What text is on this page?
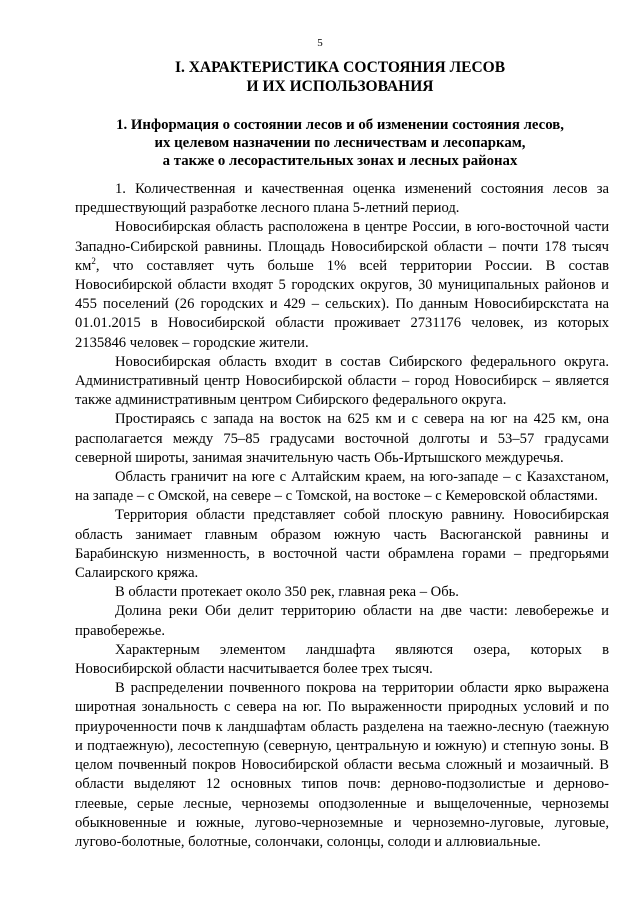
5
I. ХАРАКТЕРИСТИКА СОСТОЯНИЯ ЛЕСОВ
И ИХ ИСПОЛЬЗОВАНИЯ
1. Информация о состоянии лесов и об изменении состояния лесов,
их целевом назначении по лесничествам и лесопаркам,
а также о лесорастительных зонах и лесных районах

1. Количественная и качественная оценка изменений состояния лесов за предшествующий разработке лесного плана 5-летний период.

Новосибирская область расположена в центре России, в юго-восточной части Западно-Сибирской равнины. Площадь Новосибирской области – почти 178 тысяч $км^2$, что составляет чуть больше 1% всей территории России. В состав Новосибирской области входят 5 городских округов, 30 муниципальных районов и 455 поселений (26 городских и 429 – сельских). По данным Новосибирскстата на 01.01.2015 в Новосибирской области проживает 2731176 человек, из которых 2135846 человек – городские жители.

Новосибирская область входит в состав Сибирского федерального округа. Административный центр Новосибирской области – город Новосибирск – является также административным центром Сибирского федерального округа.

Простираясь с запада на восток на 625 км и с севера на юг на 425 км, она располагается между 75–85 градусами восточной долготы и 53–57 градусами северной широты, занимая значительную часть Обь-Иртышского междуречья.

Область граничит на юге с Алтайским краем, на юго-западе – с Казахстаном, на западе – с Омской, на севере – с Томской, на востоке – с Кемеровской областями.

Территория области представляет собой плоскую равнину. Новосибирская область занимает главным образом южную часть Васюганской равнины и Барабинскую низменность, в восточной части обрамлена горами – предгорьями Салаирского кряжа.

В области протекает около 350 рек, главная река – Обь.

Долина реки Оби делит территорию области на две части: левобережье и правобережье.

Характерным элементом ландшафта являются озера, которых в Новосибирской области насчитывается более трех тысяч.

В распределении почвенного покрова на территории области ярко выражена широтная зональность с севера на юг. По выраженности природных условий и по приуроченности почв к ландшафтам область разделена на таежно-лесную (таежную и подтаежную), лесостепную (северную, центральную и южную) и степную зоны. В целом почвенный покров Новосибирской области весьма сложный и мозаичный. В области выделяют 12 основных типов почв: дерново-подзолистые и дерново-глеевые, серые лесные, черноземы оподзоленные и выщелоченные, черноземы обыкновенные и южные, лугово-черноземные и черноземно-луговые, луговые, лугово-болотные, болотные, солончаки, солонцы, солоди и аллювиальные.
